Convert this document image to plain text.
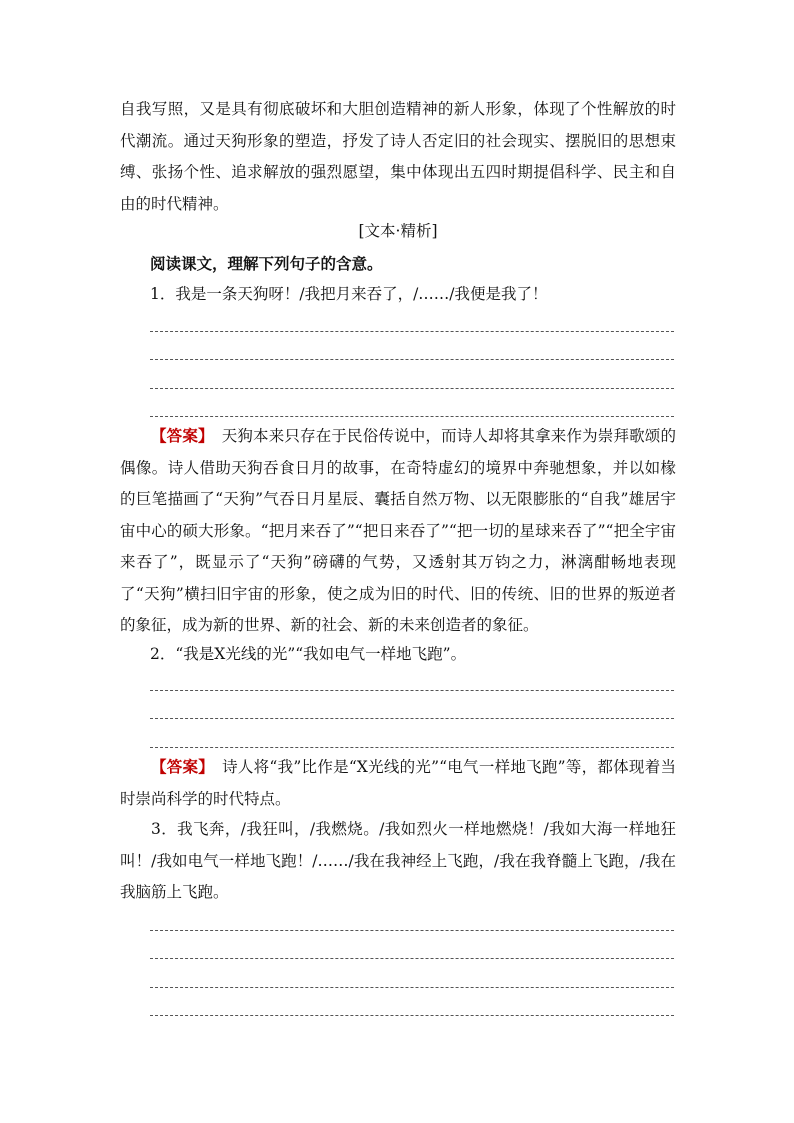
自我写照，又是具有彻底破坏和大胆创造精神的新人形象，体现了个性解放的时代潮流。通过天狗形象的塑造，抒发了诗人否定旧的社会现实、摆脱旧的思想束缚、张扬个性、追求解放的强烈愿望，集中体现出五四时期提倡科学、民主和自由的时代精神。

[文本·精析]

阅读课文，理解下列句子的含意。

1．我是一条天狗呀！/我把月来吞了，/……/我便是我了！

【答案】 天狗本来只存在于民俗传说中，而诗人却将其拿来作为崇拜歌颂的偶像。诗人借助天狗吞食日月的故事，在奇特虚幻的境界中奔驰想象，并以如椽的巨笔描画了“天狗”气吞日月星辰、囊括自然万物、以无限膨胀的“自我”雄居宇宙中心的硕大形象。“把月来吞了”“把日来吞了”“把一切的星球来吞了”“把全宇宙来吞了”，既显示了“天狗”磅礴的气势，又透射其万钧之力，淋漓酣畅地表现了“天狗”横扫旧宇宙的形象，使之成为旧的时代、旧的传统、旧的世界的叛逆者的象征，成为新的世界、新的社会、新的未来创造者的象征。

2．“我是X光线的光”“我如电气一样地飞跑”。

【答案】 诗人将“我”比作是“X光线的光”“电气一样地飞跑”等，都体现着当时崇尚科学的时代特点。

3．我飞奔，/我狂叫，/我燃烧。/我如烈火一样地燃烧！/我如大海一样地狂叫！/我如电气一样地飞跑！/……/我在我神经上飞跑，/我在我脊髓上飞跑，/我在我脑筋上飞跑。
